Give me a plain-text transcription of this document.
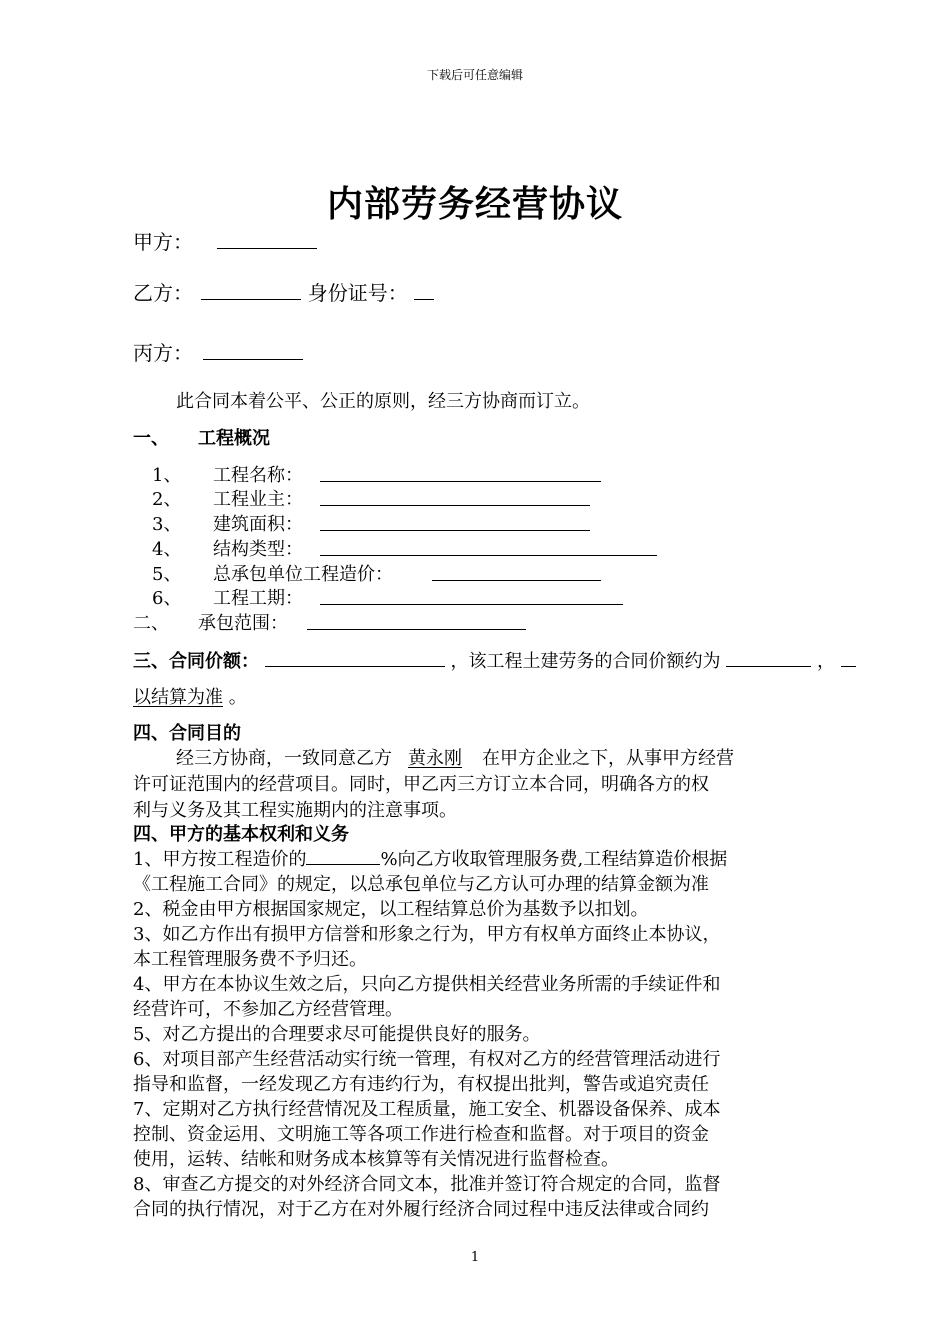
下载后可任意编辑
内部劳务经营协议
甲方：
乙方：	身份证号：
丙方：
此合同本着公平、公正的原则，经三方协商而订立。
一、 工程概况
1、 工程名称：
2、 工程业主：
3、 建筑面积：
4、 结构类型：
5、 总承包单位工程造价：
6、 工程工期：
二、 承包范围：
三、合同价额：	，该工程土建劳务的合同价额约为	，
以结算为准 。
四、合同目的
经三方协商，一致同意乙方 黄永刚 在甲方企业之下，从事甲方经营
许可证范围内的经营项目。同时，甲乙丙三方订立本合同，明确各方的权
利与义务及其工程实施期内的注意事项。
四、甲方的基本权利和义务
1、甲方按工程造价的	%向乙方收取管理服务费,工程结算造价根据
《工程施工合同》的规定，以总承包单位与乙方认可办理的结算金额为准
2、税金由甲方根据国家规定，以工程结算总价为基数予以扣划。
3、如乙方作出有损甲方信誉和形象之行为，甲方有权单方面终止本协议，
本工程管理服务费不予归还。
4、甲方在本协议生效之后，只向乙方提供相关经营业务所需的手续证件和
经营许可，不参加乙方经营管理。
5、对乙方提出的合理要求尽可能提供良好的服务。
6、对项目部产生经营活动实行统一管理，有权对乙方的经营管理活动进行
指导和监督，一经发现乙方有违约行为，有权提出批判，警告或追究责任
7、定期对乙方执行经营情况及工程质量，施工安全、机器设备保养、成本
控制、资金运用、文明施工等各项工作进行检查和监督。对于项目的资金
使用，运转、结帐和财务成本核算等有关情况进行监督检查。
8、审查乙方提交的对外经济合同文本，批准并签订符合规定的合同，监督
合同的执行情况，对于乙方在对外履行经济合同过程中违反法律或合同约
1
